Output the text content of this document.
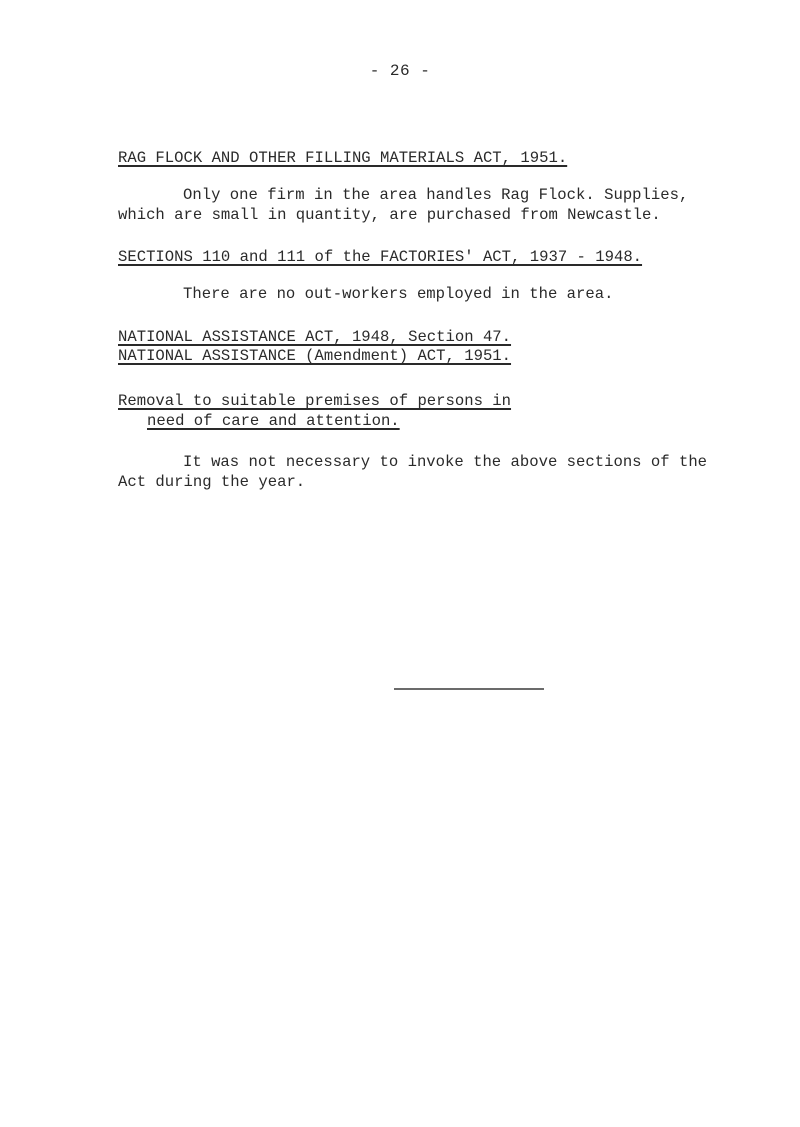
- 26 -
RAG FLOCK AND OTHER FILLING MATERIALS ACT, 1951.
Only one firm in the area handles Rag Flock. Supplies,
which are small in quantity, are purchased from Newcastle.
SECTIONS 110 and 111 of the FACTORIES' ACT, 1937 - 1948.
There are no out-workers employed in the area.
NATIONAL ASSISTANCE ACT, 1948, Section 47.
NATIONAL ASSISTANCE (Amendment) ACT, 1951.
Removal to suitable premises of persons in
need of care and attention.
It was not necessary to invoke the above sections of the
Act during the year.
